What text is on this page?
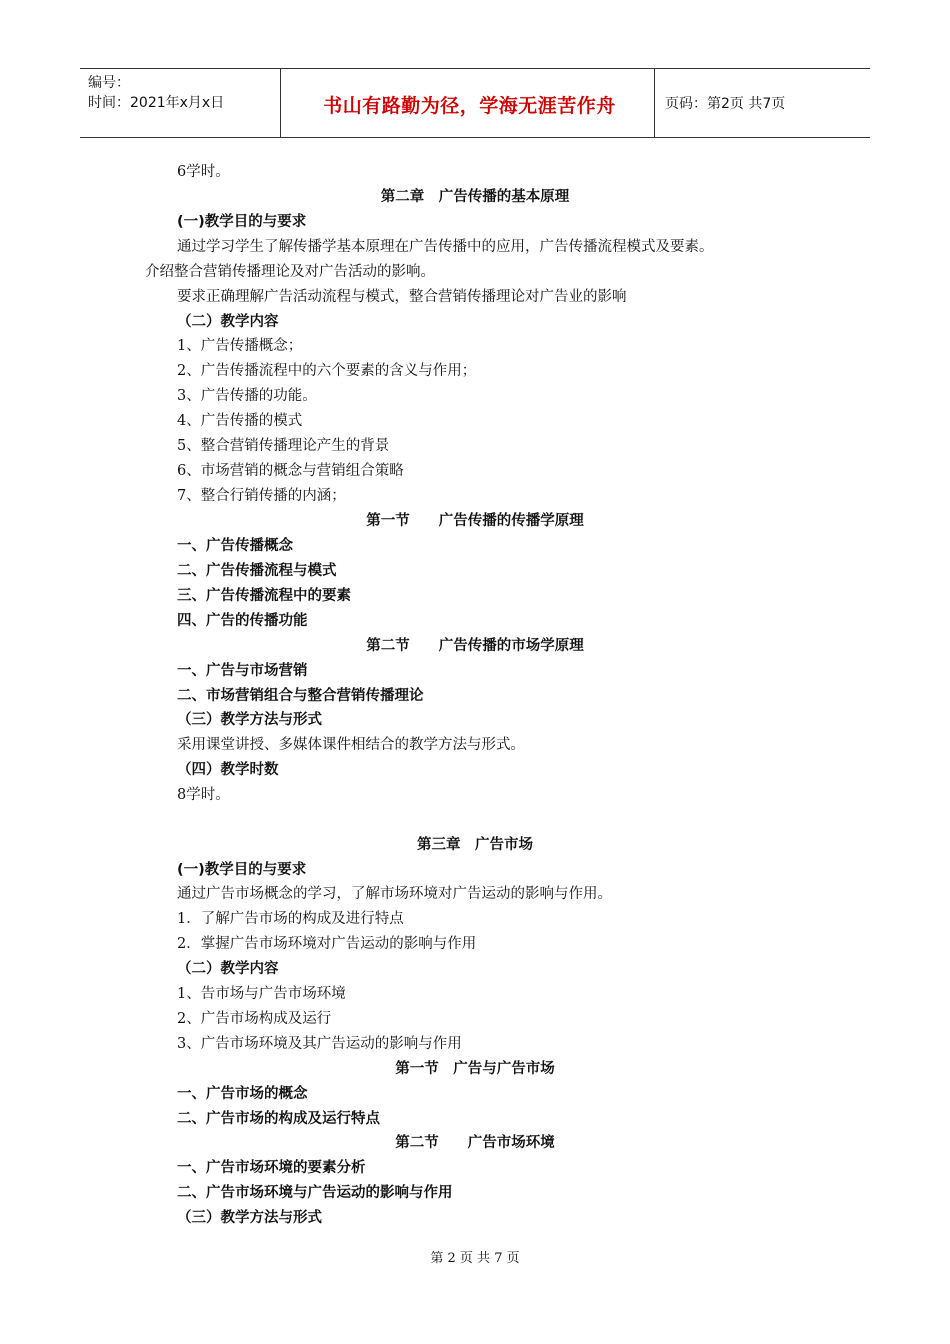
编号：
时间：2021年x月x日	书山有路勤为径，学海无涯苦作舟	页码：第2页 共7页
6学时。
第二章　广告传播的基本原理
(一)教学目的与要求
通过学习学生了解传播学基本原理在广告传播中的应用，广告传播流程模式及要素。
介绍整合营销传播理论及对广告活动的影响。
要求正确理解广告活动流程与模式，整合营销传播理论对广告业的影响
（二）教学内容
1、广告传播概念；
2、广告传播流程中的六个要素的含义与作用；
3、广告传播的功能。
4、广告传播的模式
5、整合营销传播理论产生的背景
6、市场营销的概念与营销组合策略
7、整合行销传播的内涵；
第一节　　广告传播的传播学原理
一、广告传播概念
二、广告传播流程与模式
三、广告传播流程中的要素
四、广告的传播功能
第二节　　广告传播的市场学原理
一、广告与市场营销
二、市场营销组合与整合营销传播理论
（三）教学方法与形式
采用课堂讲授、多媒体课件相结合的教学方法与形式。
（四）教学时数
8学时。
第三章　广告市场
(一)教学目的与要求
通过广告市场概念的学习，了解市场环境对广告运动的影响与作用。
1．了解广告市场的构成及进行特点
2．掌握广告市场环境对广告运动的影响与作用
（二）教学内容
1、告市场与广告市场环境
2、广告市场构成及运行
3、广告市场环境及其广告运动的影响与作用
第一节　广告与广告市场
一、广告市场的概念
二、广告市场的构成及运行特点
第二节　　广告市场环境
一、广告市场环境的要素分析
二、广告市场环境与广告运动的影响与作用
（三）教学方法与形式
第 2 页 共 7 页
